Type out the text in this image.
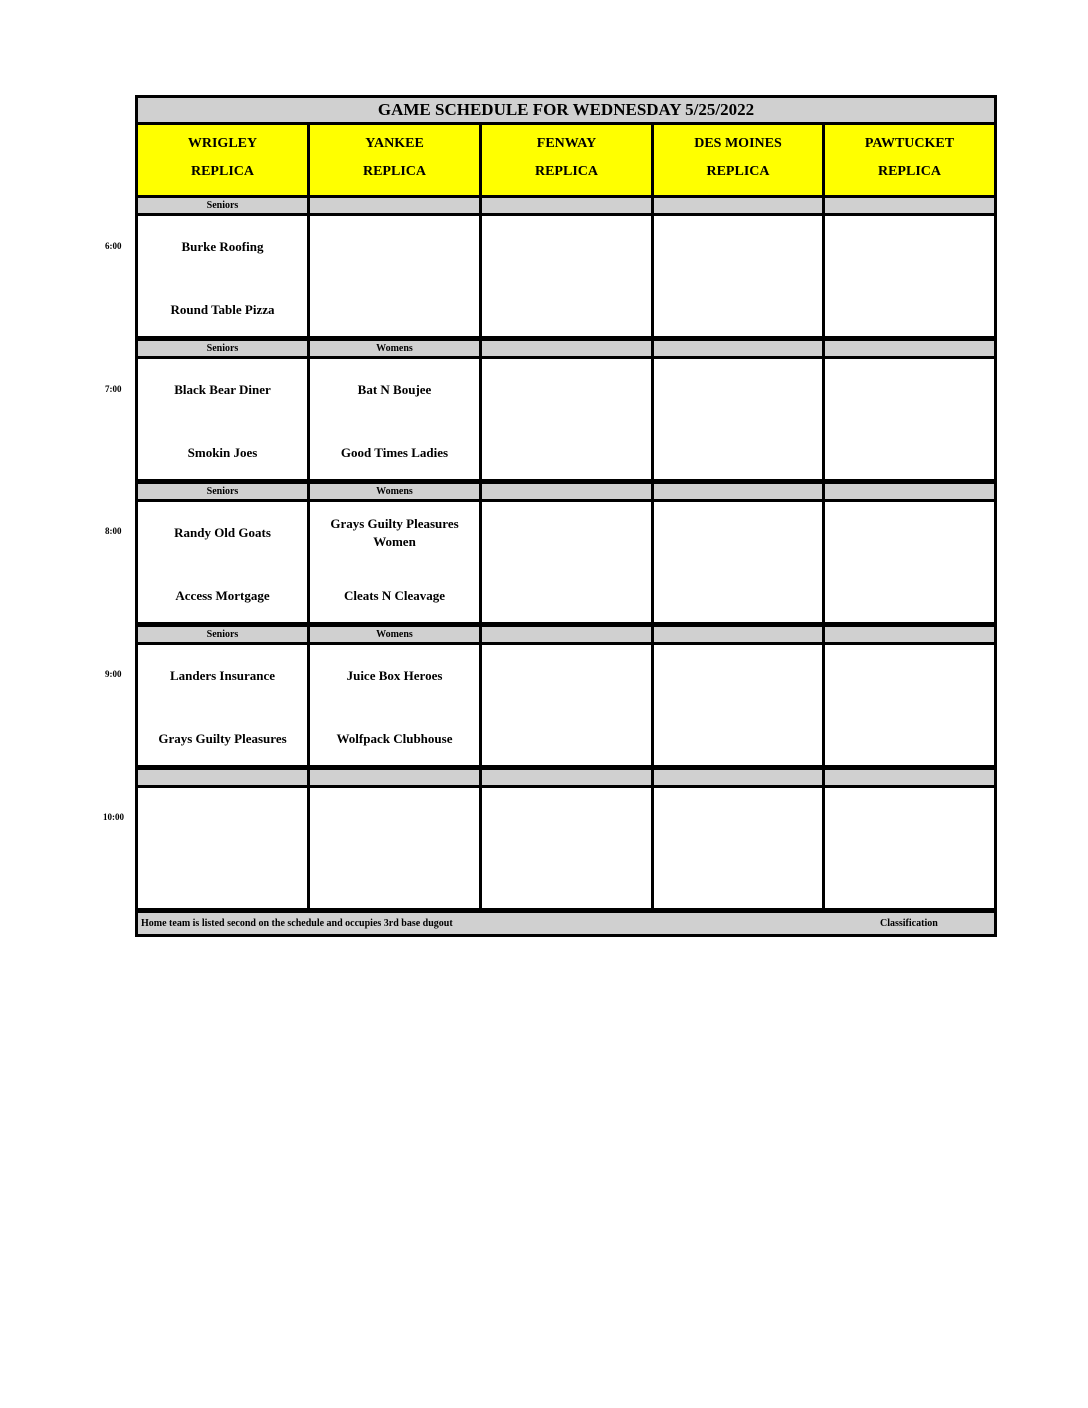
GAME SCHEDULE FOR WEDNESDAY 5/25/2022
WRIGLEY
REPLICA
YANKEE
REPLICA
FENWAY
REPLICA
DES MOINES
REPLICA
PAWTUCKET
REPLICA
Seniors
Burke Roofing
Round Table Pizza
Seniors
Black Bear Diner
Smokin Joes
Womens
Bat N Boujee
Good Times Ladies
Seniors
Randy Old Goats
Access Mortgage
Womens
Grays Guilty Pleasures Women
Cleats N Cleavage
Seniors
Landers Insurance
Grays Guilty Pleasures
Womens
Juice Box Heroes
Wolfpack Clubhouse
Home team is listed second on the schedule and occupies 3rd base dugout	Classification
6:00
7:00
8:00
9:00
10:00
